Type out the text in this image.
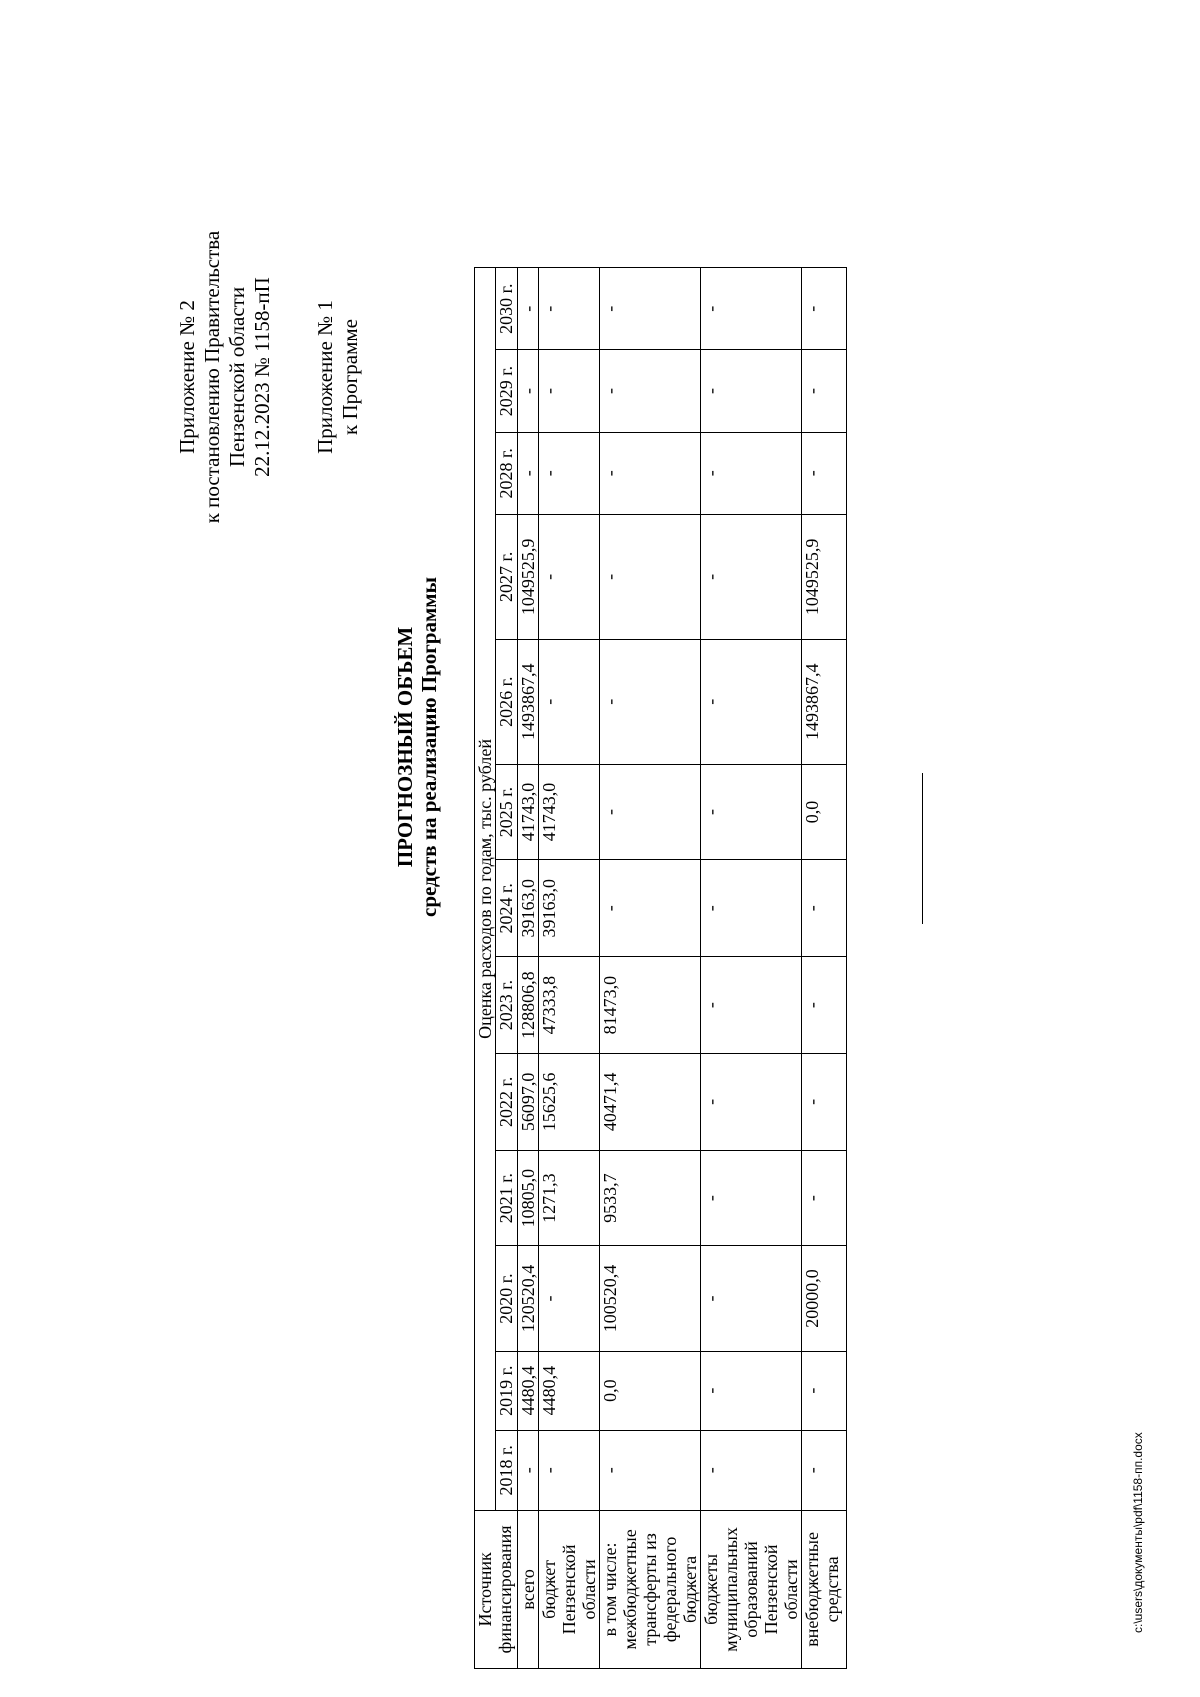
Приложение № 2 к постановлению Правительства Пензенской области 22.12.2023 № 1158-пП Приложение № 1 к Программе
ПРОГНОЗНЫЙ ОБЪЕМ средств на реализацию Программы
Источник финансирования	Оценка расходов по годам, тыс. рублей												
	2018 г.	2019 г.	2020 г.	2021 г.	2022 г.	2023 г.	2024 г.	2025 г.	2026 г.	2027 г.	2028 г.	2029 г.	2030 г.
всего	-	4480,4	120520,4	10805,0	56097,0	128806,8	39163,0	41743,0	1493867,4	1049525,9	-	-	-
бюджет Пензенской области	-	4480,4	-	1271,3	15625,6	47333,8	39163,0	41743,0	-	-	-	-	-
в том числе: межбюджетные трансферты из федерального бюджета	-	0,0	100520,4	9533,7	40471,4	81473,0	-	-	-	-	-	-	-
бюджеты муниципальных образований Пензенской области	-	-	-	-	-	-	-	-	-	-	-	-	-
внебюджетные средства	-	-	20000,0	-	-	-	-	0,0	1493867,4	1049525,9	-	-	-
c:\users\документы\pdf\1158-пп.docx
